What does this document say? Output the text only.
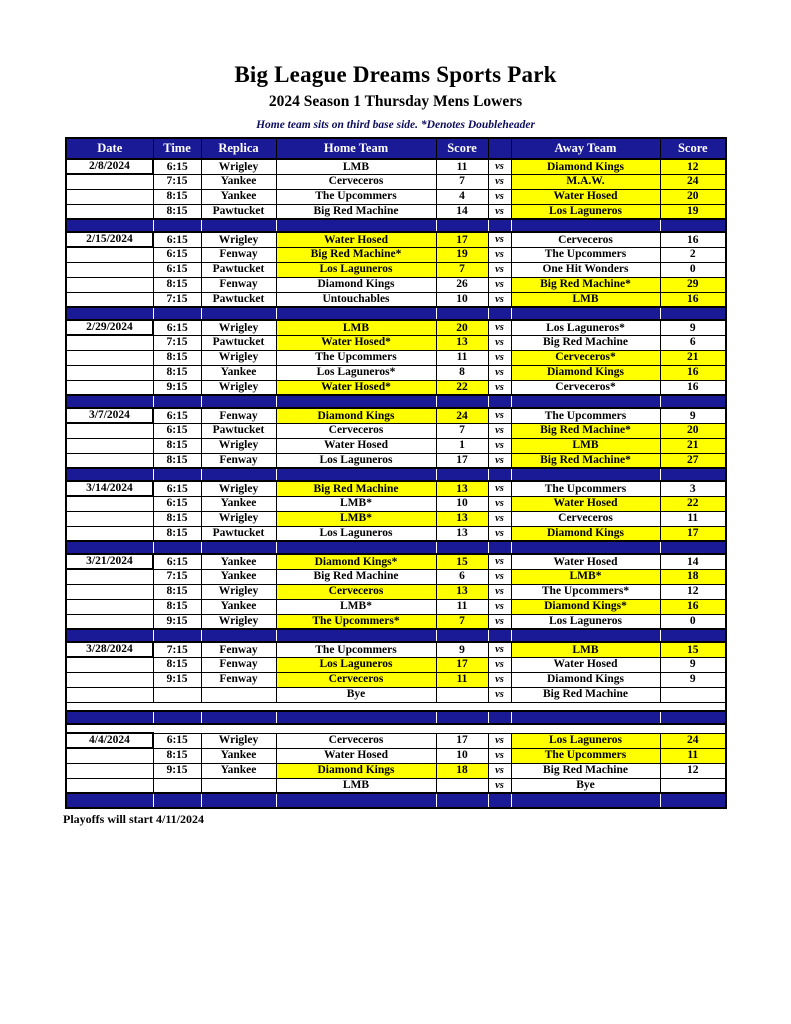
Big League Dreams Sports Park
2024 Season 1 Thursday Mens Lowers
Home team sits on third base side. *Denotes Doubleheader
Date	Time	Replica	Home Team	Score		Away Team	Score
2/8/2024	6:15	Wrigley	LMB	11	vs	Diamond Kings	12
	7:15	Yankee	Cerveceros	7	vs	M.A.W.	24
	8:15	Yankee	The Upcommers	4	vs	Water Hosed	20
	8:15	Pawtucket	Big Red Machine	14	vs	Los Laguneros	19

2/15/2024	6:15	Wrigley	Water Hosed	17	vs	Cerveceros	16
	6:15	Fenway	Big Red Machine*	19	vs	The Upcommers	2
	6:15	Pawtucket	Los Laguneros	7	vs	One Hit Wonders	0
	8:15	Fenway	Diamond Kings	26	vs	Big Red Machine*	29
	7:15	Pawtucket	Untouchables	10	vs	LMB	16

2/29/2024	6:15	Wrigley	LMB	20	vs	Los Laguneros*	9
	7:15	Pawtucket	Water Hosed*	13	vs	Big Red Machine	6
	8:15	Wrigley	The Upcommers	11	vs	Cerveceros*	21
	8:15	Yankee	Los Laguneros*	8	vs	Diamond Kings	16
	9:15	Wrigley	Water Hosed*	22	vs	Cerveceros*	16

3/7/2024	6:15	Fenway	Diamond Kings	24	vs	The Upcommers	9
	6:15	Pawtucket	Cerveceros	7	vs	Big Red Machine*	20
	8:15	Wrigley	Water Hosed	1	vs	LMB	21
	8:15	Fenway	Los Laguneros	17	vs	Big Red Machine*	27

3/14/2024	6:15	Wrigley	Big Red Machine	13	vs	The Upcommers	3
	6:15	Yankee	LMB*	10	vs	Water Hosed	22
	8:15	Wrigley	LMB*	13	vs	Cerveceros	11
	8:15	Pawtucket	Los Laguneros	13	vs	Diamond Kings	17

3/21/2024	6:15	Yankee	Diamond Kings*	15	vs	Water Hosed	14
	7:15	Yankee	Big Red Machine	6	vs	LMB*	18
	8:15	Wrigley	Cerveceros	13	vs	The Upcommers*	12
	8:15	Yankee	LMB*	11	vs	Diamond Kings*	16
	9:15	Wrigley	The Upcommers*	7	vs	Los Laguneros	0

3/28/2024	7:15	Fenway	The Upcommers	9	vs	LMB	15
	8:15	Fenway	Los Laguneros	17	vs	Water Hosed	9
	9:15	Fenway	Cerveceros	11	vs	Diamond Kings	9
			Bye		vs	Big Red Machine	

4/4/2024	6:15	Wrigley	Cerveceros	17	vs	Los Laguneros	24
	8:15	Yankee	Water Hosed	10	vs	The Upcommers	11
	9:15	Yankee	Diamond Kings	18	vs	Big Red Machine	12
			LMB		vs	Bye	

Playoffs will start 4/11/2024
